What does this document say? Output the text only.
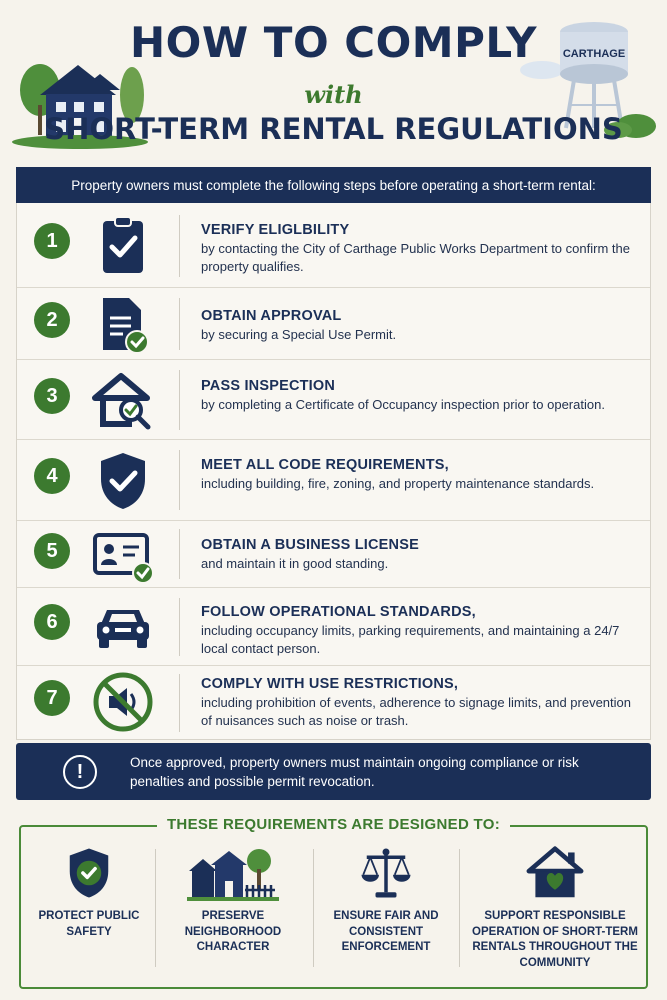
CARTHAGE
HOW TO COMPLY
with
SHORT-TERM RENTAL REGULATIONS
Property owners must complete the following steps before operating a short-term rental:
1	VERIFY ELIGLBILITY
by contacting the City of Carthage Public Works Department to confirm the property qualifies.
2	OBTAIN APPROVAL
by securing a Special Use Permit.
3	PASS INSPECTION
by completing a Certificate of Occupancy inspection prior to operation.
4	MEET ALL CODE REQUIREMENTS,
including building, fire, zoning, and property maintenance standards.
5	OBTAIN A BUSINESS LICENSE
and maintain it in good standing.
6	FOLLOW OPERATIONAL STANDARDS,
including occupancy limits, parking requirements, and maintaining a 24/7 local contact person.
7
COMPLY WITH USE RESTRICTIONS,
including prohibition of events, adherence to signage limits, and prevention of nuisances such as noise or trash.
!	Once approved, property owners must maintain ongoing compliance or risk penalties and possible permit revocation.
THESE REQUIREMENTS ARE DESIGNED TO:
PROTECT PUBLIC SAFETY
PRESERVE NEIGHBORHOOD CHARACTER
ENSURE FAIR AND CONSISTENT ENFORCEMENT
SUPPORT RESPONSIBLE OPERATION OF SHORT-TERM RENTALS THROUGHOUT THE COMMUNITY
